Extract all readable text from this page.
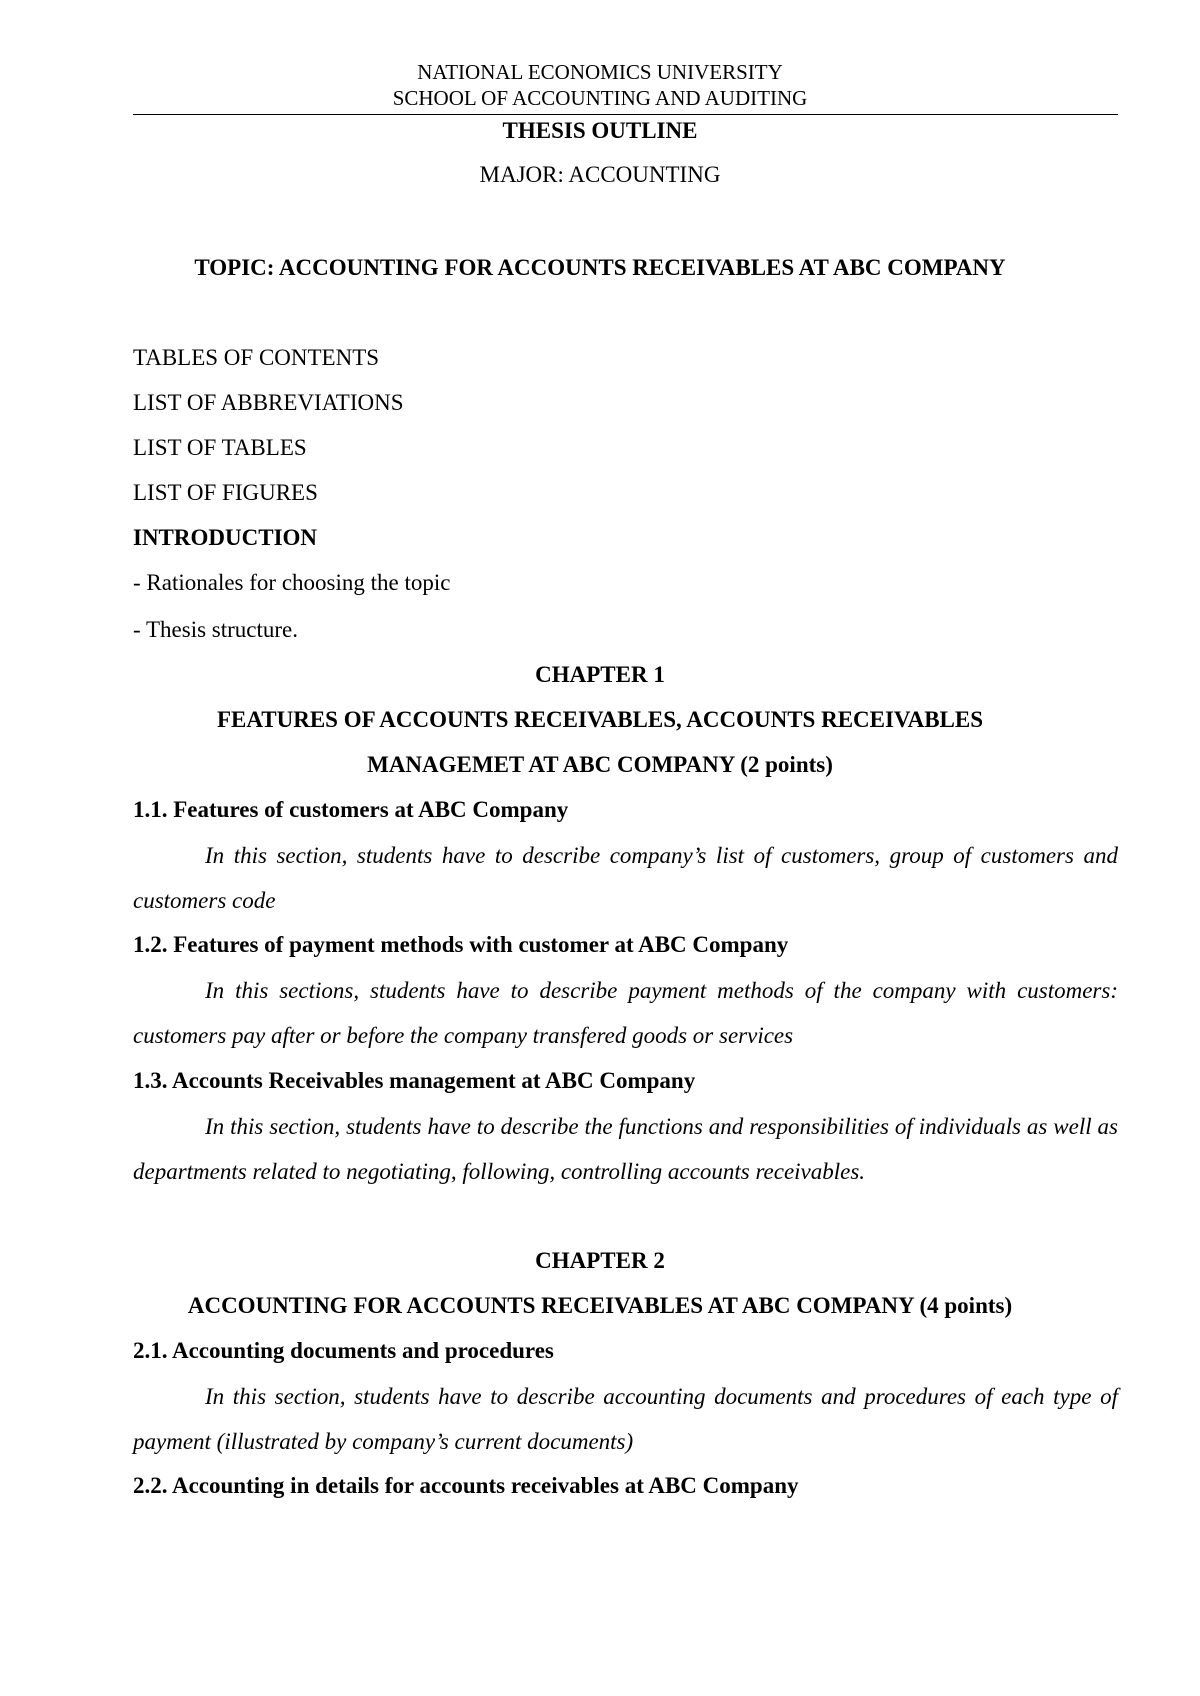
NATIONAL ECONOMICS UNIVERSITY
SCHOOL OF ACCOUNTING AND AUDITING
THESIS OUTLINE
MAJOR: ACCOUNTING
TOPIC: ACCOUNTING FOR ACCOUNTS RECEIVABLES AT ABC COMPANY
TABLES OF CONTENTS
LIST OF ABBREVIATIONS
LIST OF TABLES
LIST OF FIGURES
INTRODUCTION
- Rationales for choosing the topic
- Thesis structure.
CHAPTER 1
FEATURES OF ACCOUNTS RECEIVABLES, ACCOUNTS RECEIVABLES
MANAGEMET AT ABC COMPANY (2 points)
1.1. Features of customers at ABC Company

In this section, students have to describe company’s list of customers, group of customers and customers code

1.2. Features of payment methods with customer at ABC Company

In this sections, students have to describe payment methods of the company with customers: customers pay after or before the company transfered goods or services

1.3. Accounts Receivables management at ABC Company

In this section, students have to describe the functions and responsibilities of individuals as well as departments related to negotiating, following, controlling accounts receivables.

CHAPTER 2
ACCOUNTING FOR ACCOUNTS RECEIVABLES AT ABC COMPANY (4 points)
2.1. Accounting documents and procedures

In this section, students have to describe accounting documents and procedures of each type of payment (illustrated by company’s current documents)

2.2. Accounting in details for accounts receivables at ABC Company
